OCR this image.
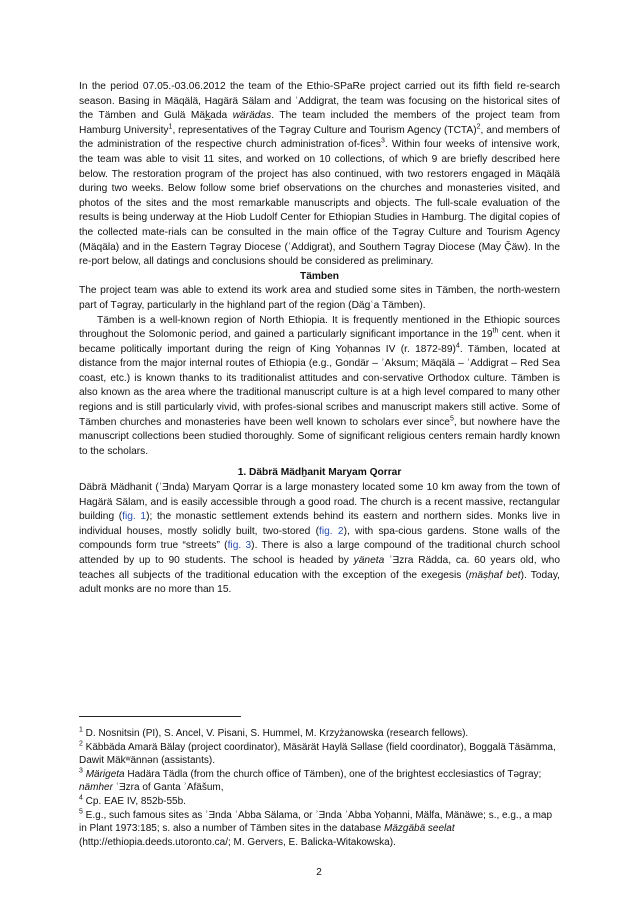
In the period 07.05.-03.06.2012 the team of the Ethio-SPaRe project carried out its fifth field re-search season. Basing in Mäqälä, Hagärä Sälam and ʿAddigrat, the team was focusing on the historical sites of the Tämben and Gulä Mäk̲ada wärädas. The team included the members of the project team from Hamburg University$^1$, representatives of the Tǝgray Culture and Tourism Agency (TCTA)$^2$, and members of the administration of the respective church administration of-fices$^3$. Within four weeks of intensive work, the team was able to visit 11 sites, and worked on 10 collections, of which 9 are briefly described here below. The restoration program of the project has also continued, with two restorers engaged in Mäqälä during two weeks. Below follow some brief observations on the churches and monasteries visited, and photos of the sites and the most remarkable manuscripts and objects. The full-scale evaluation of the results is being underway at the Hiob Ludolf Center for Ethiopian Studies in Hamburg. The digital copies of the collected mate-rials can be consulted in the main office of the Tǝgray Culture and Tourism Agency (Mäqäla) and in the Eastern Tǝgray Diocese (ʿAddigrat), and Southern Tǝgray Diocese (May Č̣äw). In the re-port below, all datings and conclusions should be considered as preliminary.

Tämben

The project team was able to extend its work area and studied some sites in Tämben, the north-western part of Tǝgray, particularly in the highland part of the region (Dägʿa Tämben).

Tämben is a well-known region of North Ethiopia. It is frequently mentioned in the Ethiopic sources throughout the Solomonic period, and gained a particularly significant importance in the 19th cent. when it became politically important during the reign of King Yoḥannǝs IV (r. 1872-89)$^4$. Tämben, located at distance from the major internal routes of Ethiopia (e.g., Gondär – ʾAksum; Mäqälä – ʿAddigrat – Red Sea coast, etc.) is known thanks to its traditionalist attitudes and con-servative Orthodox culture. Tämben is also known as the area where the traditional manuscript culture is at a high level compared to many other regions and is still particularly vivid, with profes-sional scribes and manuscript makers still active. Some of Tämben churches and monasteries have been well known to scholars ever since$^5$, but nowhere have the manuscript collections been studied thoroughly. Some of significant religious centers remain hardly known to the scholars.

1. Däbrä Mädḫanit Maryam Qorrar

Däbrä Mädhanit (ʾƎnda) Maryam Qorrar is a large monastery located some 10 km away from the town of Hagärä Sälam, and is easily accessible through a good road. The church is a recent massive, rectangular building (fig. 1); the monastic settlement extends behind its eastern and northern sides. Monks live in individual houses, mostly solidly built, two-stored (fig. 2), with spa-cious gardens. Stone walls of the compounds form true “streets” (fig. 3). There is also a large compound of the traditional church school attended by up to 90 students. The school is headed by yäneta ʿƎzra Rädda, ca. 60 years old, who teaches all subjects of the traditional education with the exception of the exegesis (mäṣḥaf bet). Today, adult monks are no more than 15.

$^1$ D. Nosnitsin (PI), S. Ancel, V. Pisani, S. Hummel, M. Krzyżanowska (research fellows).

$^2$ Käbbäda Amarä Bälay (project coordinator), Mäsärät Haylä Sǝllase (field coordinator), Boggalä Täsämma, Dawit Mäkʷännǝn (assistants).

$^3$ Märigeta Hadära Tädla (from the church office of Tämben), one of the brightest ecclesiastics of Tǝgray; nämher ʿƎzra of Ganta ʾAfäšum,

$^4$ Cp. EAE IV, 852b-55b.

$^5$ E.g., such famous sites as ʾƎnda ʾAbba Sälama, or ʾƎnda ʾAbba Yoḥanni, Mälfa, Mänäwe; s., e.g., a map in Plant 1973:185; s. also a number of Tämben sites in the database Mäzgäbä seelat (http://ethiopia.deeds.utoronto.ca/; M. Gervers, E. Balicka-Witakowska).

2
